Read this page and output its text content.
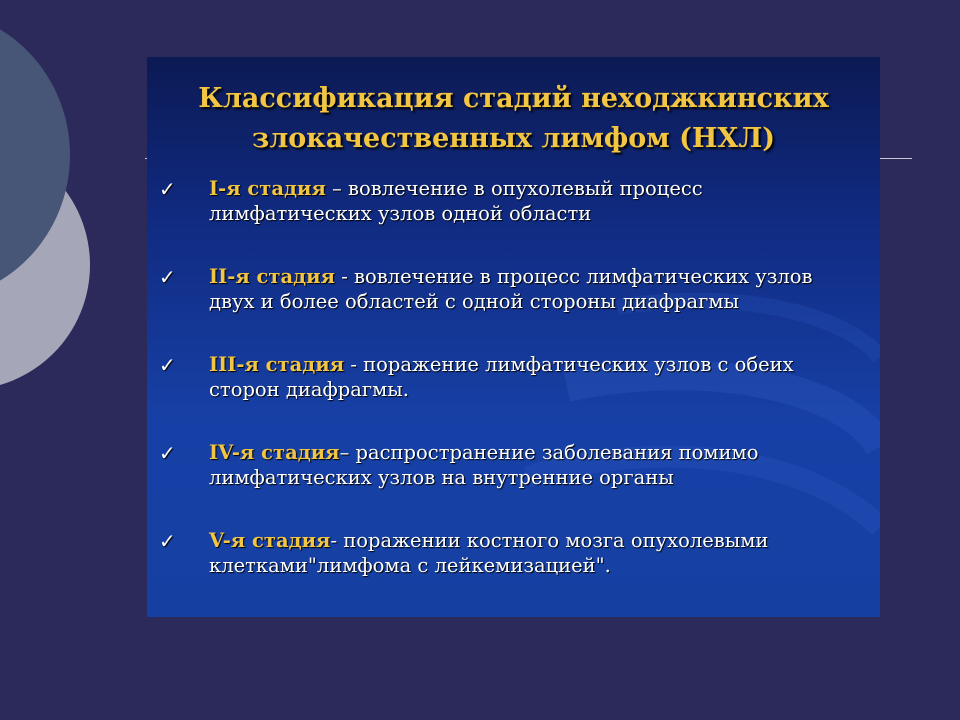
Классификация стадий неходжкинских
злокачественных лимфом (НХЛ)
✓ I-я стадия – вовлечение в опухолевый процесс лимфатических узлов одной области
✓ II-я стадия - вовлечение в процесс лимфатических узлов двух и более областей с одной стороны диафрагмы
✓ III-я стадия - поражение лимфатических узлов с обеих сторон диафрагмы.
✓ IV-я стадия– распространение заболевания помимо лимфатических узлов на внутренние органы
✓ V-я стадия- поражении костного мозга опухолевыми клетками"лимфома с лейкемизацией".
